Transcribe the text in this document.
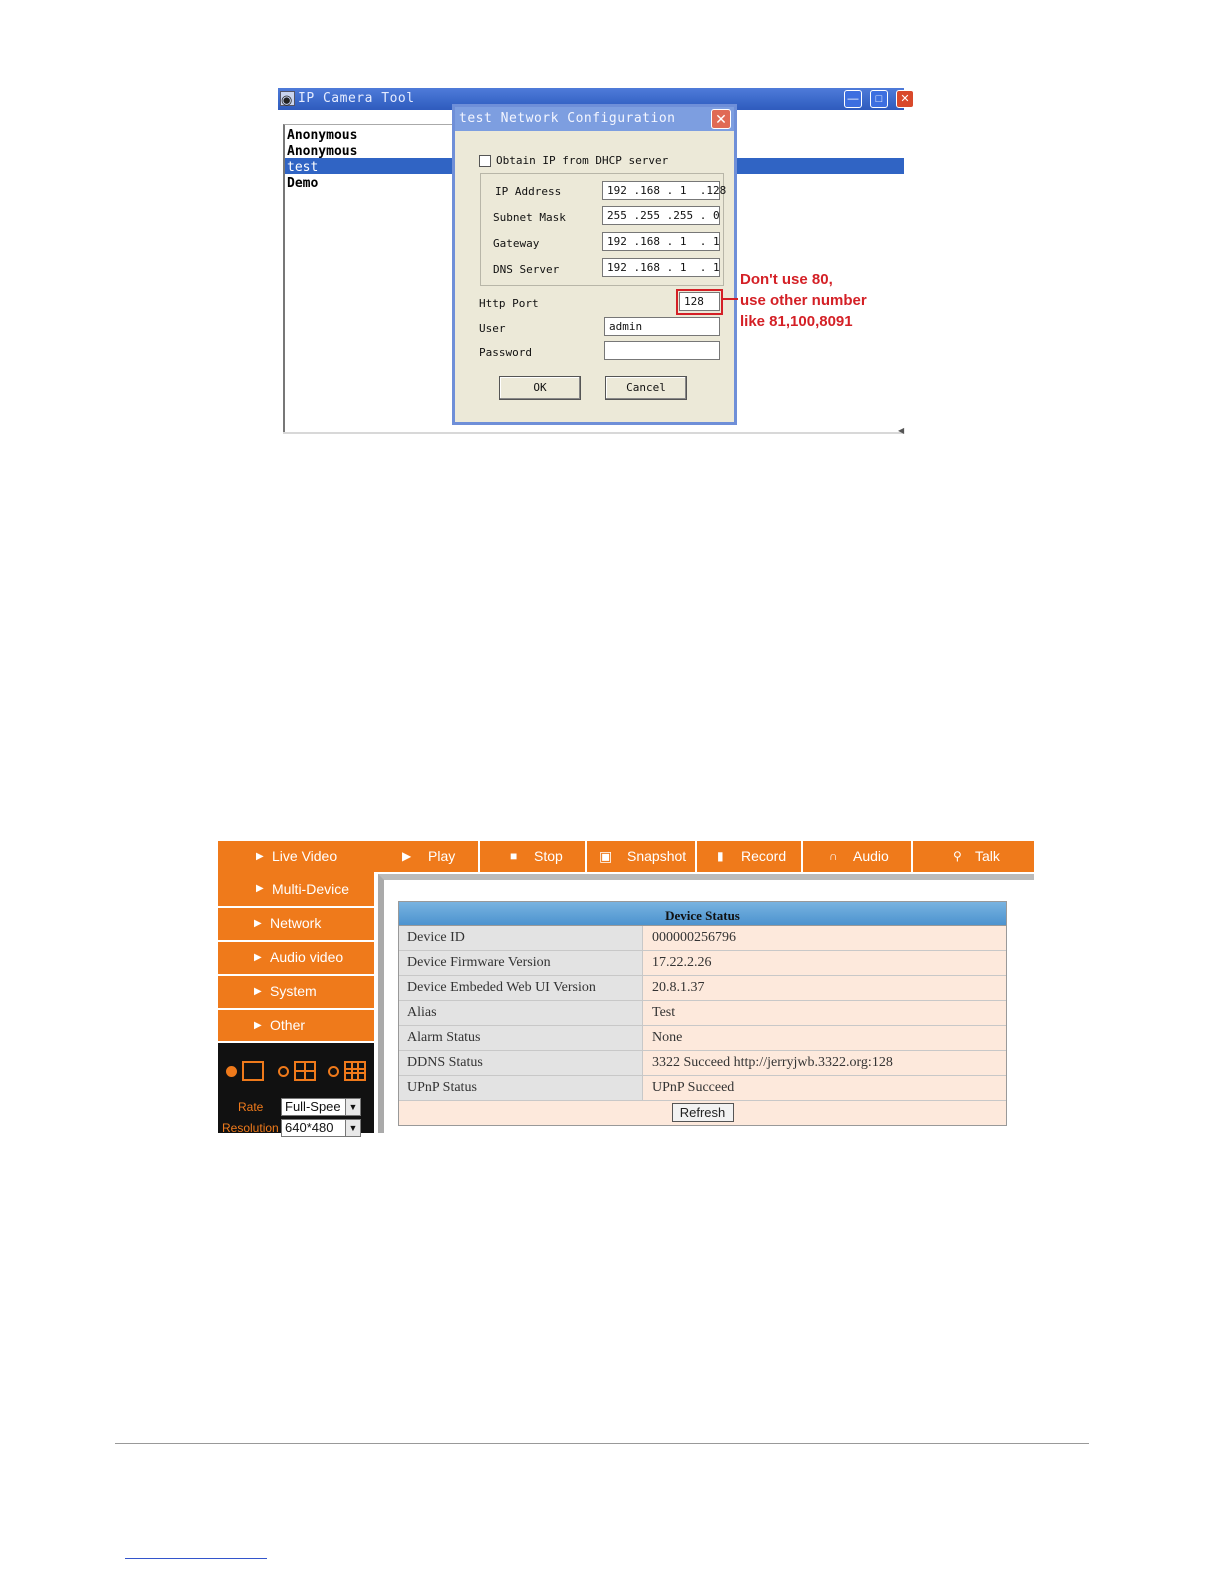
◉ IP Camera Tool	—	□	✕
Anonymous
Anonymous
test
Demo
◀
test Network Configuration	✕
Obtain IP from DHCP server
IP Address	192 .168 . 1  .128
Subnet Mask	255 .255 .255 . 0
Gateway	192 .168 . 1  . 1
DNS Server	192 .168 . 1  . 1
Http Port	128
User	admin
Password
OK	Cancel
Don't use 80,
use other number
like 81,100,8091
▶ Live Video
▶ Multi-Device
▶ Network
▶ Audio video
▶ System
▶ Other
Rate	Full-Spee ▼
Resolution 640*480	▼
▶ Play	■ Stop	▣ Snapshot	▮ Record	∩ Audio	⚲ Talk
Device Status
Device ID	000000256796
Device Firmware Version	17.22.2.26
Device Embeded Web UI Version	20.8.1.37
Alias	Test
Alarm Status	None
DDNS Status	3322 Succeed http://jerryjwb.3322.org:128
UPnP Status	UPnP Succeed
Refresh
